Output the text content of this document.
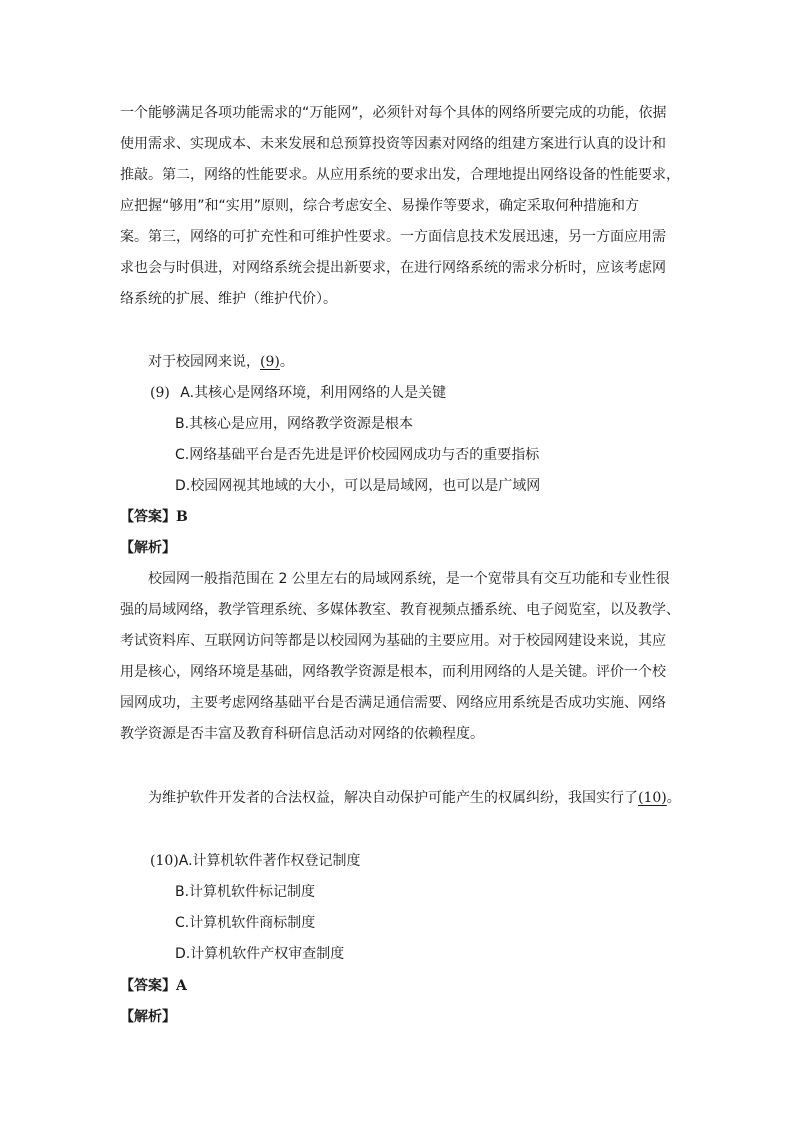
一个能够满足各项功能需求的“万能网”，必须针对每个具体的网络所要完成的功能，依据
使用需求、实现成本、未来发展和总预算投资等因素对网络的组建方案进行认真的设计和
推敲。第二，网络的性能要求。从应用系统的要求出发，合理地提出网络设备的性能要求，
应把握“够用”和“实用”原则，综合考虑安全、易操作等要求，确定采取何种措施和方
案。第三，网络的可扩充性和可维护性要求。一方面信息技术发展迅速，另一方面应用需
求也会与时俱进，对网络系统会提出新要求，在进行网络系统的需求分析时，应该考虑网
络系统的扩展、维护（维护代价）。
对于校园网来说，(9)。
(9) A.其核心是网络环境，利用网络的人是关键
B.其核心是应用，网络教学资源是根本
C.网络基础平台是否先进是评价校园网成功与否的重要指标
D.校园网视其地域的大小，可以是局域网，也可以是广域网
【答案】B
【解析】
校园网一般指范围在 2 公里左右的局域网系统，是一个宽带具有交互功能和专业性很
强的局域网络，教学管理系统、多媒体教室、教育视频点播系统、电子阅览室，以及教学、
考试资料库、互联网访问等都是以校园网为基础的主要应用。对于校园网建设来说，其应
用是核心，网络环境是基础，网络教学资源是根本，而利用网络的人是关键。评价一个校
园网成功，主要考虑网络基础平台是否满足通信需要、网络应用系统是否成功实施、网络
教学资源是否丰富及教育科研信息活动对网络的依赖程度。
为维护软件开发者的合法权益，解决自动保护可能产生的权属纠纷，我国实行了(10)。
(10)A.计算机软件著作权登记制度
B.计算机软件标记制度
C.计算机软件商标制度
D.计算机软件产权审查制度
【答案】A
【解析】
